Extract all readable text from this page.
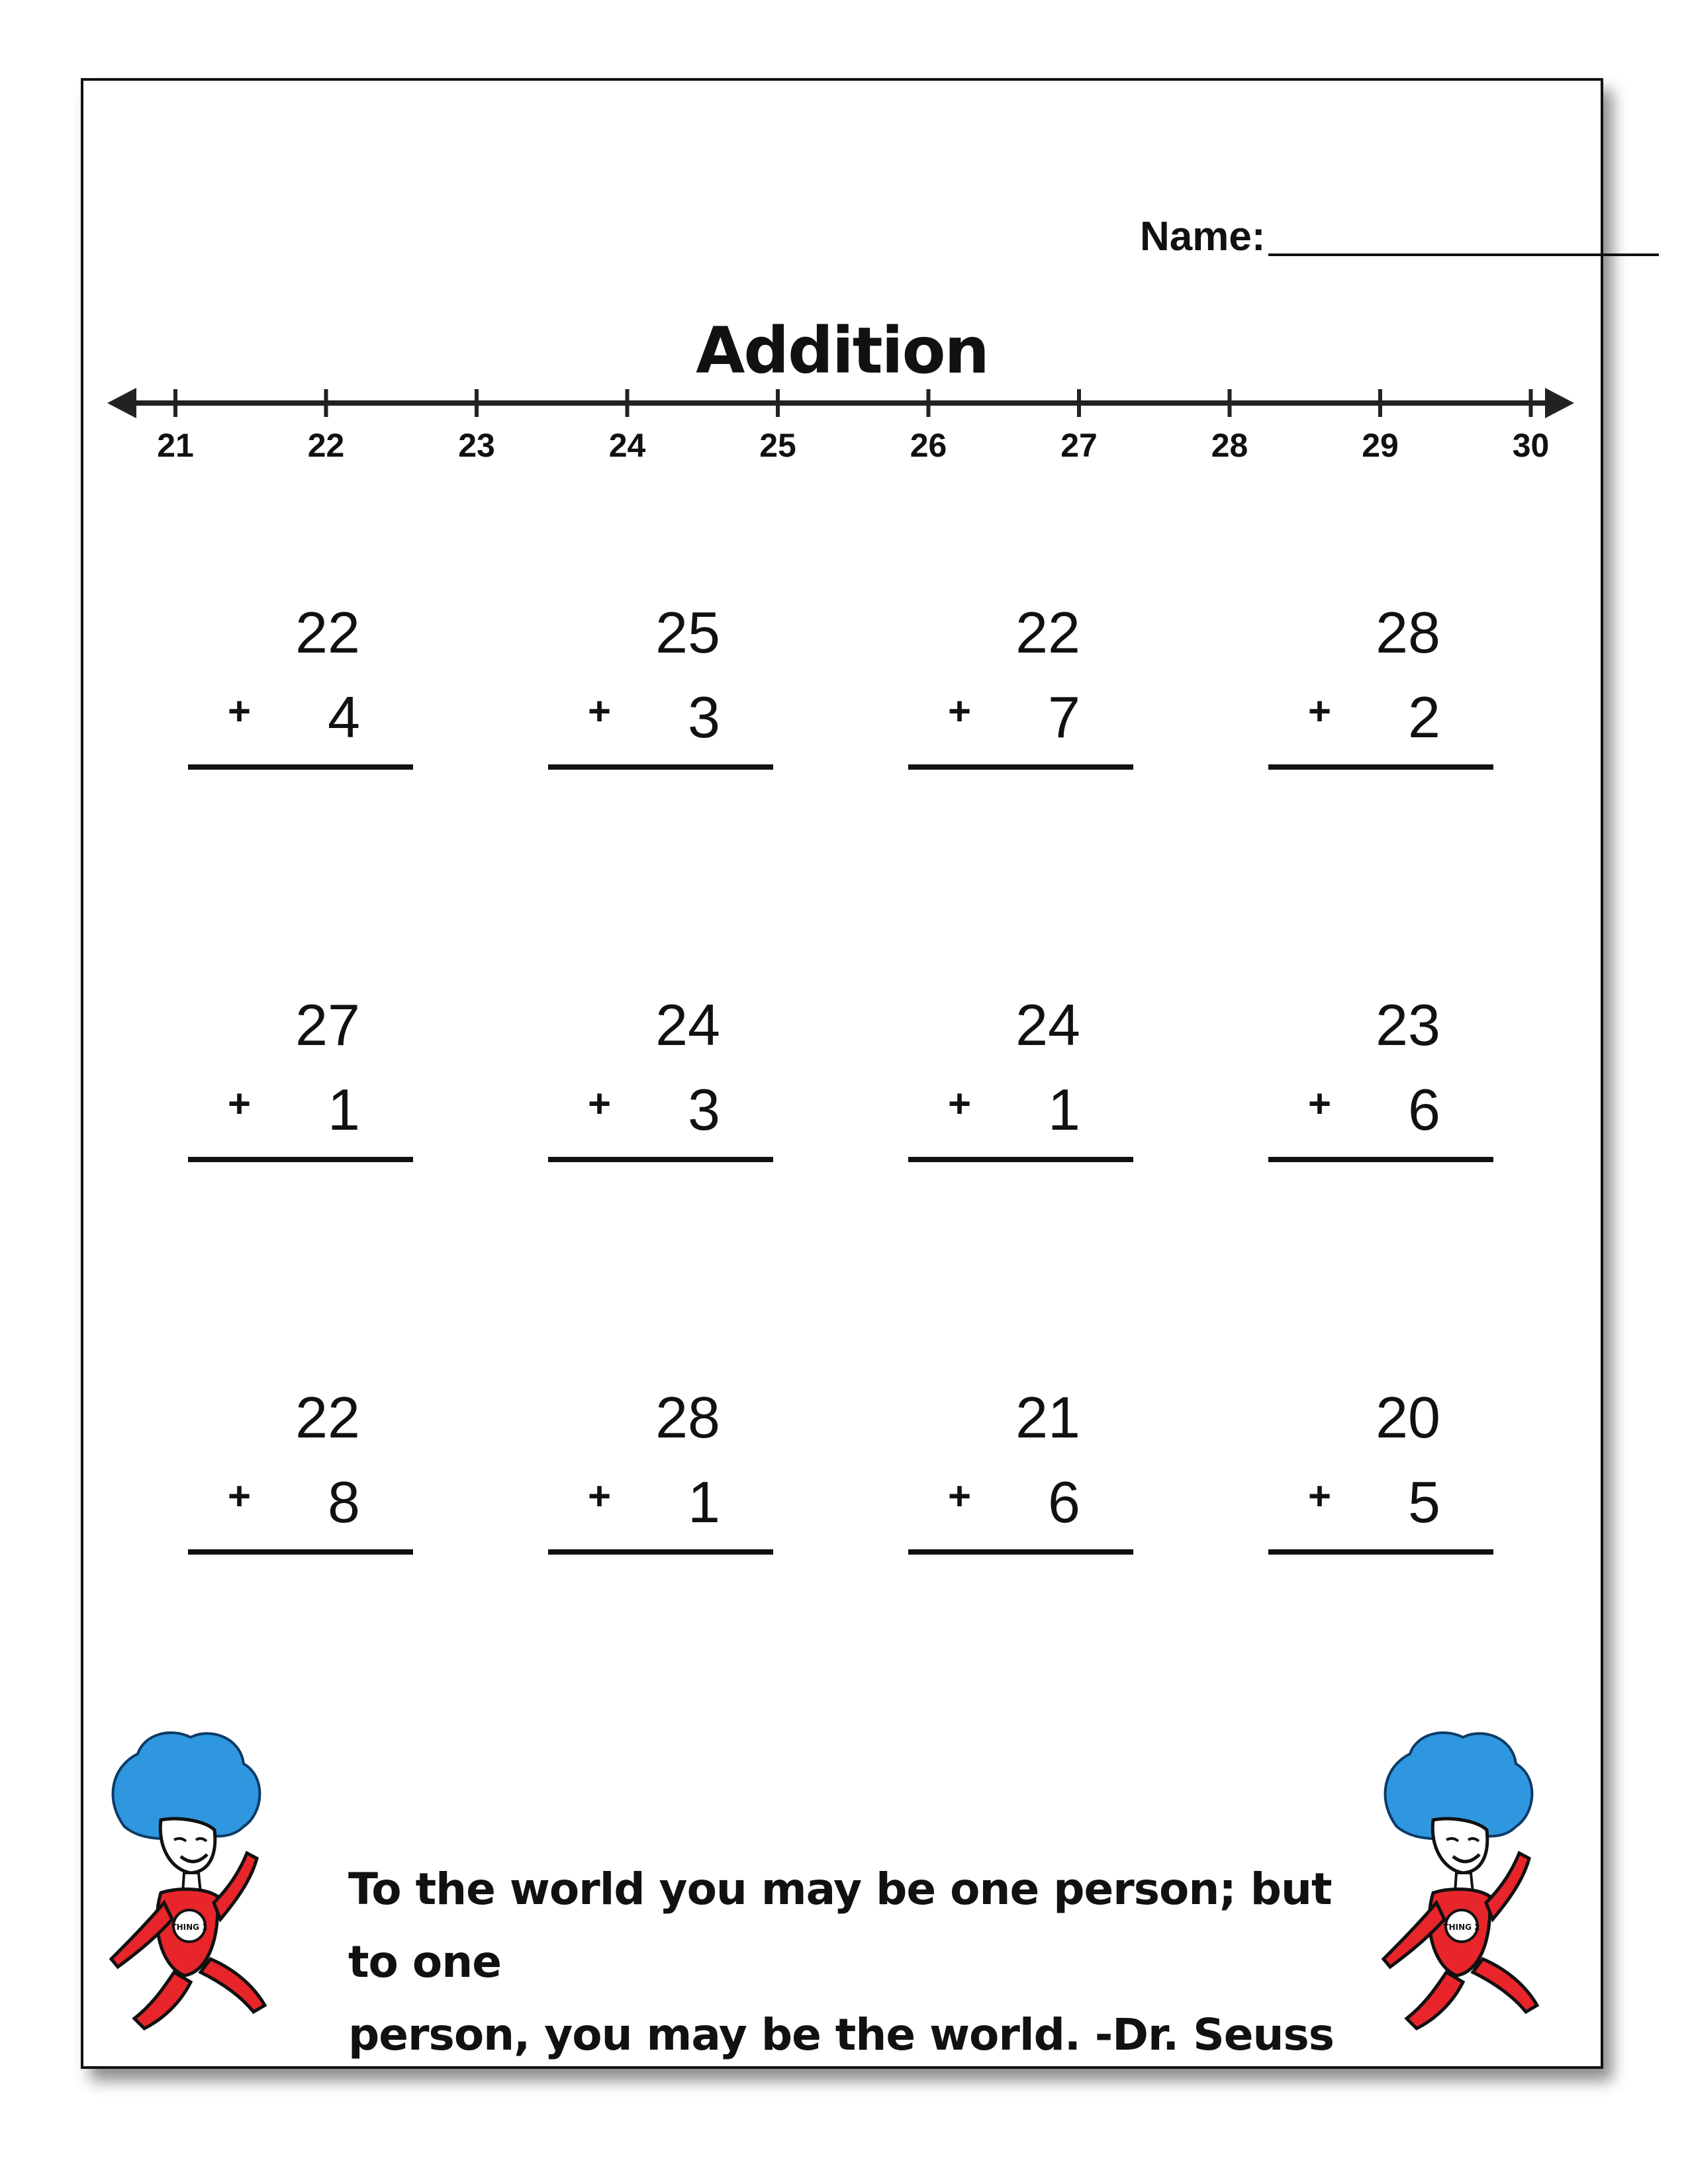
Name:
Addition
21	22	23	24	25	26	27	28	29	30
22
+ 4
25
+ 3
22
+ 7
28
+ 2
27
+ 1
24
+ 3
24
+ 1
23
+ 6
22
+ 8
28
+ 1
21
+ 6
20
+ 5
THING 1	THING 2
To the world you may be one person; but to one
person, you may be the world. -Dr. Seuss
